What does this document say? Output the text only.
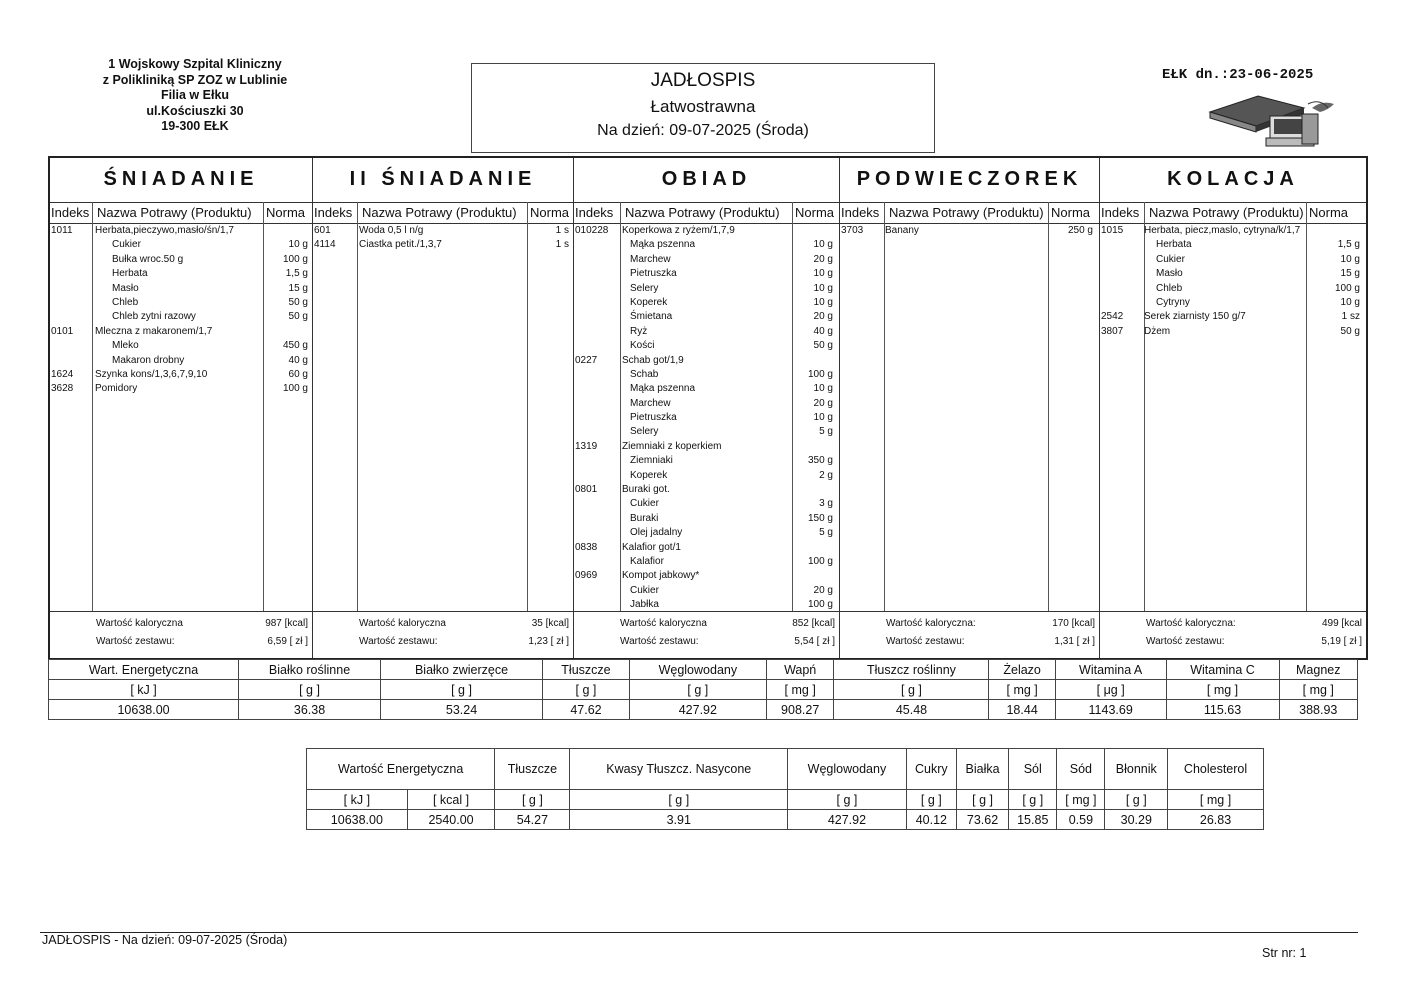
1 Wojskowy Szpital Kliniczny
z Polikliniką SP ZOZ w Lublinie
Filia w Ełku
ul.Kościuszki 30
19-300 EŁK
JADŁOSPIS
Łatwostrawna
Na dzień: 09-07-2025 (Środa)
EŁK dn.:23-06-2025
ŚNIADANIE
Indeks Nazwa Potrawy (Produktu) Norma
1011 Herbata,pieczywo,masło/śn/1,7
Cukier	10 g
Bułka wroc.50 g	100 g
Herbata	1,5 g
Masło	15 g
Chleb	50 g
Chleb zytni razowy	50 g
0101 Mleczna z makaronem/1,7
Mleko	450 g
Makaron drobny	40 g
1624 Szynka kons/1,3,6,7,9,10	60 g
3628 Pomidory	100 g
Wartość kaloryczna	987 [kcal]
Wartość zestawu:	6,59 [ zł ]
II ŚNIADANIE
Indeks Nazwa Potrawy (Produktu) Norma
601	Woda 0,5 l n/g	1 s
4114 Ciastka petit./1,3,7	1 s
Wartość kaloryczna	35 [kcal]
Wartość zestawu:	1,23 [ zł ]
OBIAD
Indeks Nazwa Potrawy (Produktu) Norma
010228 Koperkowa z ryżem/1,7,9
Mąka pszenna	10 g
Marchew	20 g
Pietruszka	10 g
Selery	10 g
Koperek	10 g
Śmietana	20 g
Ryż	40 g
Kości	50 g
0227 Schab got/1,9
Schab	100 g
Mąka pszenna	10 g
Marchew	20 g
Pietruszka	10 g
Selery	5 g
1319 Ziemniaki z koperkiem
Ziemniaki	350 g
Koperek	2 g
0801 Buraki got.
Cukier	3 g
Buraki	150 g
Olej jadalny	5 g
0838 Kalafior got/1
Kalafior	100 g
0969 Kompot jabkowy*
Cukier	20 g
Jabłka	100 g
Wartość kaloryczna	852 [kcal]
Wartość zestawu:	5,54 [ zł ]
PODWIECZOREK
Indeks Nazwa Potrawy (Produktu) Norma
3703 Banany	250 g
Wartość kaloryczna:	170 [kcal]
Wartość zestawu:	1,31 [ zł ]
KOLACJA
Indeks Nazwa Potrawy (Produktu) Norma
1015 Herbata, piecz,maslo, cytryna/k/1,7
Herbata	1,5 g
Cukier	10 g
Masło	15 g
Chleb	100 g
Cytryny	10 g
2542 Serek ziarnisty 150 g/7	1 sz
3807 Dżem	50 g
Wartość kaloryczna:	499 [kcal
Wartość zestawu:	5,19 [ zł ]
Wart. Energetyczna	Białko roślinne	Białko zwierzęce	Tłuszcze	Węglowodany	Wapń	Tłuszcz roślinny	Żelazo	Witamina A	Witamina C	Magnez
[ kJ ]	[ g ]	[ g ]	[ g ]	[ g ]	[ mg ]	[ g ]	[ mg ]	[ μg ]	[ mg ]	[ mg ]
10638.00	36.38	53.24	47.62	427.92	908.27	45.48	18.44	1143.69	115.63	388.93
Wartość Energetyczna		Tłuszcze	Kwasy Tłuszcz. Nasycone	Węglowodany	Cukry	Białka	Sól	Sód	Błonnik	Cholesterol
[ kJ ]	[ kcal ]	[ g ]	[ g ]	[ g ]	[ g ]	[ g ]	[ g ]	[ mg ]	[ g ]	[ mg ]
10638.00	2540.00	54.27	3.91	427.92	40.12	73.62	15.85	0.59	30.29	26.83
JADŁOSPIS - Na dzień: 09-07-2025 (Środa)
Str nr: 1
